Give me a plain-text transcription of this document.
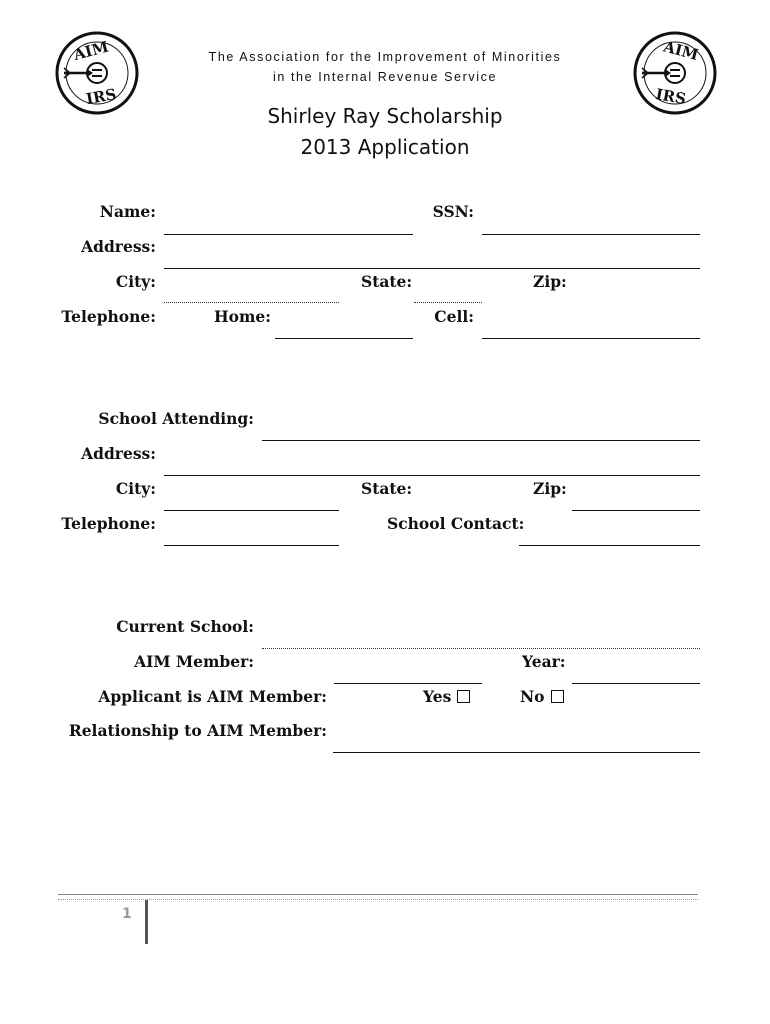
AIM
IRS
AIM
IRS
The Association for the Improvement of Minorities
in the Internal Revenue Service
Shirley Ray Scholarship
2013 Application
Name:	SSN:
Address:
City:	State:	Zip:
Telephone:	Home:	Cell:
School Attending:
Address:
City:	State:	Zip:
Telephone:	School Contact:
Current School:
AIM Member:	Year:
Applicant is AIM Member:	Yes	No
Relationship to AIM Member:
1
